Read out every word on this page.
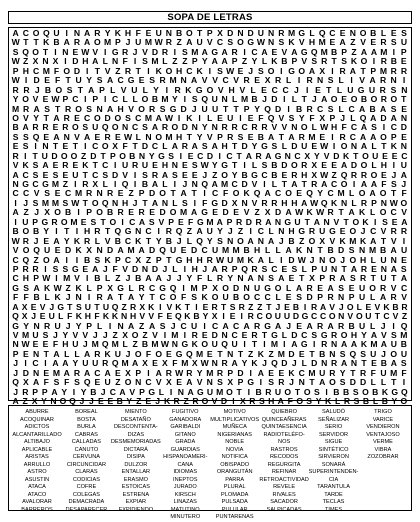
SOPA DE LETRAS
A C O Q U I N A R Y K H F E U N B O T P X D N D U N R M G L Q C E N O B L E S
W T T K B A R A O M P J U M W R Z A U V C S O G W N S K V H M E A Z V E R S U
S Q O T I N E W V I G R J V D R I S M A G A R I C A E V A G Q M B P Z A A M I P
W Z X N X I D H A L N F I S M L Z Z P Y A A P Z Y L K B P V S R T S K O I R B E
P H C M F O D I T V Z R T I K O H C K I S W E J S O I G O A X I R A T P M R R
W I D E F T U Y S A C G E S R M N A V V C V R E X R L I R N S L I V A R N I
R R J B O S T A P L V U L Y I R K G O V H V L E C C J I E T L U G U R S N
Y O V E W P C I P I C L L O B M Y I S Q U N L M B J D I L T J A O E O B O R O T
M R A S T R O S N A H V O R S G D J U U T T P Y Q D I B R C S L C A B A S E
O V Y T A R E C O D O S C M A W I K I L E U I E F Q V S Y F X P J L Q A D A N
B A R R E R O S U Q O N C S A R O D N Y N R R C R R V V N O L W H F C A S I C D
S S Q E A N V A E R E W L N O M H T Y V P R S E B A T A R M E I R C A A O P E
E S I N T E T I C O X F T D C L A R A S A H T D Y G S L D U E W I O N A L T K N
R I T U D O O Z D T P O B N Y G S I E C D I C T A R A G N C X Y V D K T O U E E C
V K S A E R E K T C I U R U E H N E S W Y G T I L S B D O R X E E A D O L H I U
A C S E S E U T C S D V I S R A S E E J Z O Y B G C B E R H X W Z Q R R O E J A
N G C G M Z I R X L I Q I B A L I J N Q A M C D V I L T A T R A C O I A A F S J
C C V S E C M R N R E Z P D O T A T I C F O K Q A C O E Q Y C M L O A O T F
I J S M M S W T O Q N H J T A N L S I F G D X N V R R H H A W Q K N L R P N W O
A Z J X O B I P O B R E R E D O M A G E D E V Z X D A W K W R T A K L O C V
I U P G R O M E S T O I C A S V P E F G M A P R D R A N G U T A N V T O K I S E A
B O B Y I T I H R T Q G N C I R Q Z A U Y J Z I C L N H G R U G E O J C V R R
W R J E A Y K R L V B C K T Y B J L Q Y S N O A N A J B Z O X V K M K A T V I
V O Q U E D K X N D A M A D Q U E D C U M M B H L L A K N T B D S N M B A U
C Q Z O A I I B S K P C X Z P T G H H R W U M K A L I D W J N O J O H L U N E
P R R I S S G E A J F V D N D J L I H J A R P Q R S C E S L P U N T A R E N A S
C H P W I M V I B L Z J B A A J J Y F L R Y N A N S A E T X P R A S R T U T A
G S A K W Z K L P X G L R C G Q I M P X O D N U G O L A R E A S E U O R V C
F F B L K J N I R A T A Y T C O F S K O U B O C C L E S D P R N P U L A R V
A X E V J G T S U T U Q Z R X K I V K T I E R T S R Z Z T J E B I R A V J O L E V K B R
Q X J E U L F K H F K K N H V V F E Q K B Y X I E I R C O U U D G C C O N V O U T C V Z
G Y N R U J Y P L I N A Z A S J C U I C A C A R G A J E A R A R B U L J I Q
V M U S J Y V V J J Z X O Z V I M I R E D N C E R T G L D C S G R O H Y A V S M
N W E E F H U J M Q M L Z B M W N G K O U Q U I T I M I A G I R N A A K M A U B
P E N T A L L A R K U J O F O E G Q M E T N T Z K Z M D E T B N S Q S U J O U
J I C I A A Y U U R Q M A X E X F M X W N R A Y K J Q D J L D N R A N T E B A S
J D N E M A R A C A E X P I A R W R Y M R P D I A E E K C M U R Y T R F U M F
Q X A F S F S Q E U Z O N C V X E A V N S X P G I S R J N T A O S D D L L T I
J R P P A Y I Y B J C A V P G L I N A G U M O T I B R U O T O S I B B S O B K G Q
A Z X Y N O Q J J E E B Y Z E J K R Z R O V D I X R S H A F O S Y K L R S B L B Y O
ABURRE
ACOQUINAR
ADICTOS
ALCANTARILLADO
ALTIBAJO
APLICABLE
ARISTAS
ARRULLO
ASTRO
ASUSTIN
ATACA
ATACO
AVALORAR
BARREROS
BOREAL
BOSTA
BURLA
CABRAS
CALLADAS
CANUTO
CERVUNA
CIRCUNCIDAR
CLARAS
CODICIAS
COFRE
COLEGAS
DEMACRADA
DESAPARECER
MIENTO
DESATAÑO
DESCONTENTA-
DIZAS
DESMEMORIADAS
DICTARÁ
DISIPA
DULZOR
ENTALLAR
ERASMO
ESTOICAS
ESTRENA
EXPIAR
EXPIDIENDO
FUGITIVO
GANADORA
GARIBALDI
GITANO
GRADA
GUARDIAS
HISPANOAMERI-
CANA
IDIOMAS
INEPTOS
JURADO
KIRSCH
LINAZAS
MATUTINO
MINUTERO
MOTIVO
MULTIPLICATIVOS
MUÑECA
NIGERIANAS
NOBLE
NOVIA
NOTIFICA
OBISPADO
ORANGUTÁN
PARRA
PLURAL
PLOMADA
PULSADA
PULULAR
PUNTARENAS
QUIEBRO
QUINCEAÑERAS
QUINTAESENCIA
RADIOTELÉFO-
NOS
RASTROS
RECODOS
REGURGITA
REFINAR
RETROACTIVIDAD
REVELE
RIVALES
SACADOR
SALPICADAS
SALUDÓ
SEÑALIZAR
SERIO
SERVIDOR
SIGUE
SINTÉTICO
SIRVIERON
SONARÁ
SUPERINTENDEN-
CIA
TARANTULA
TARDE
TECLAS
TIMES
TRIGO
VARICE
VENDIERON
VENTAJOSO
VERME
VIBRA
ZOZOBRAR
